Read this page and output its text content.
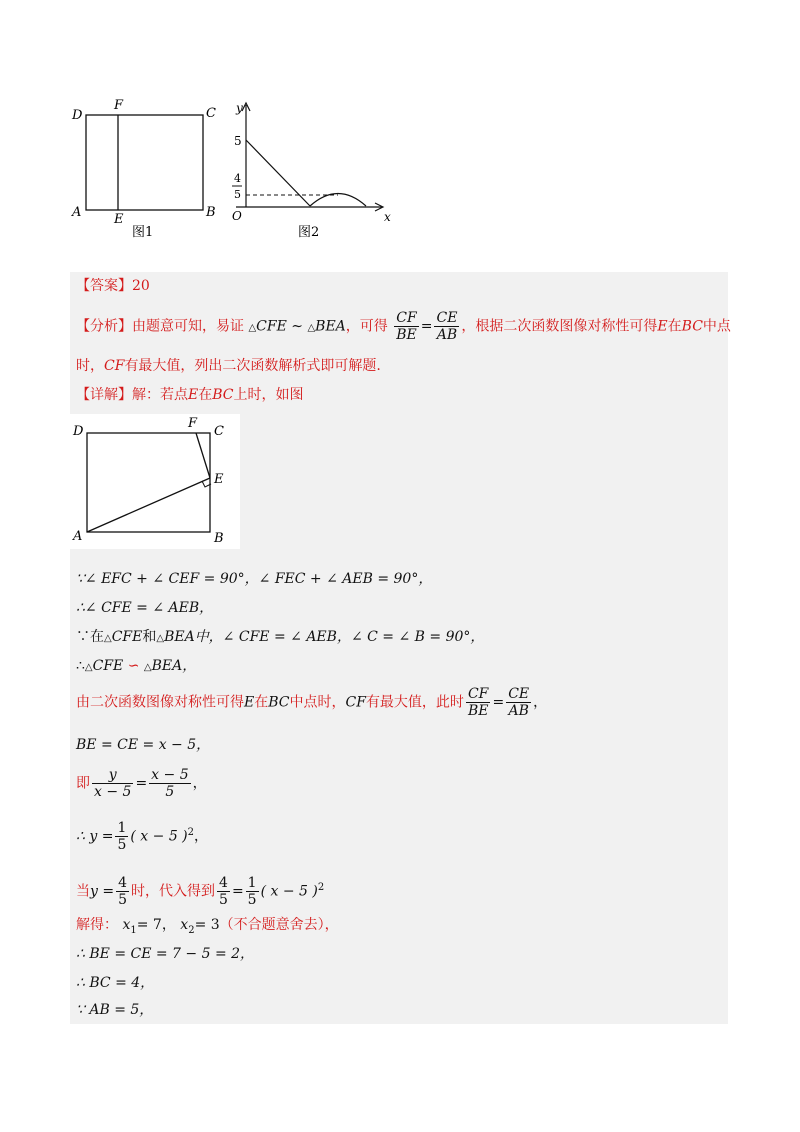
D
F
C
A	E	B
图1
y
x
O
5
4
5
图2
【答案】20
【分析】由题意可知，易证 △CFE ∼ △BEA，可得 $\frac{CF}{BE} = \frac{CE}{AB}$ ，根据二次函数图像对称性可得E在BC中点
时，CF有最大值，列出二次函数解析式即可解题.
【详解】解：若点E在BC上时，如图
D
F
C
E
A	B
∵∠ EFC + ∠ CEF = 90°，∠ FEC + ∠ AEB = 90°，
∴∠ CFE = ∠ AEB，
∵在△CFE和△BEA中，∠ CFE = ∠ AEB，∠ C = ∠ B = 90°，
∴△CFE ∽ △BEA，
由二次函数图像对称性可得E在BC中点时，CF有最大值，此时 $\frac{CF}{BE} = \frac{CE}{AB}$ ，
BE = CE = x − 5，
即 $\frac{y}{x - 5} = \frac{x - 5}{5}$ ，
∴ $y = \frac{1}{5}$ ( x − 5 )$^2$，
当$y = \frac{4}{5}$ 时，代入得到 $\frac{4}{5} = \frac{1}{5}$ ( x − 5 )$^2$
解得： $x_1= 7$， $x_2= 3$（不合题意舍去），
∴ BE = CE = 7 − 5 = 2，
∴ BC = 4，
∵ AB = 5，
